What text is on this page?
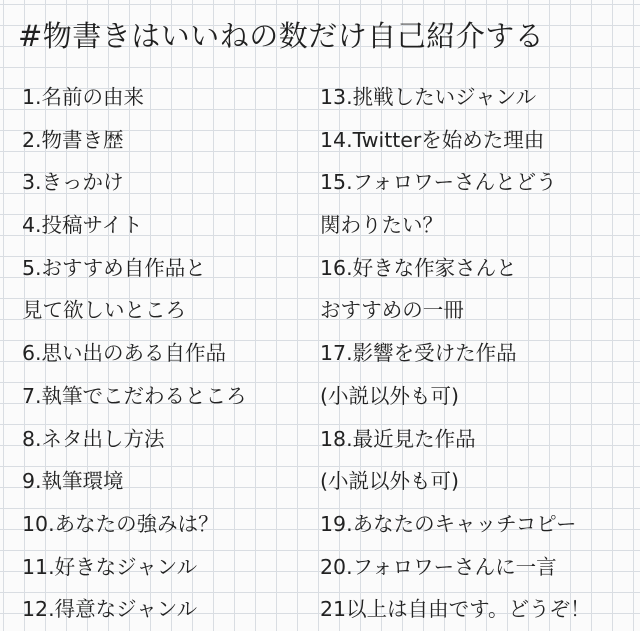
#物書きはいいねの数だけ自己紹介する
1.名前の由来
2.物書き歴
3.きっかけ
4.投稿サイト
5.おすすめ自作品と
見て欲しいところ
6.思い出のある自作品
7.執筆でこだわるところ
8.ネタ出し方法
9.執筆環境
10.あなたの強みは？
11.好きなジャンル
12.得意なジャンル
13.挑戦したいジャンル
14.Twitterを始めた理由
15.フォロワーさんとどう
関わりたい？
16.好きな作家さんと
おすすめの一冊
17.影響を受けた作品
(小説以外も可)
18.最近見た作品
(小説以外も可)
19.あなたのキャッチコピー
20.フォロワーさんに一言
21以上は自由です。どうぞ！
